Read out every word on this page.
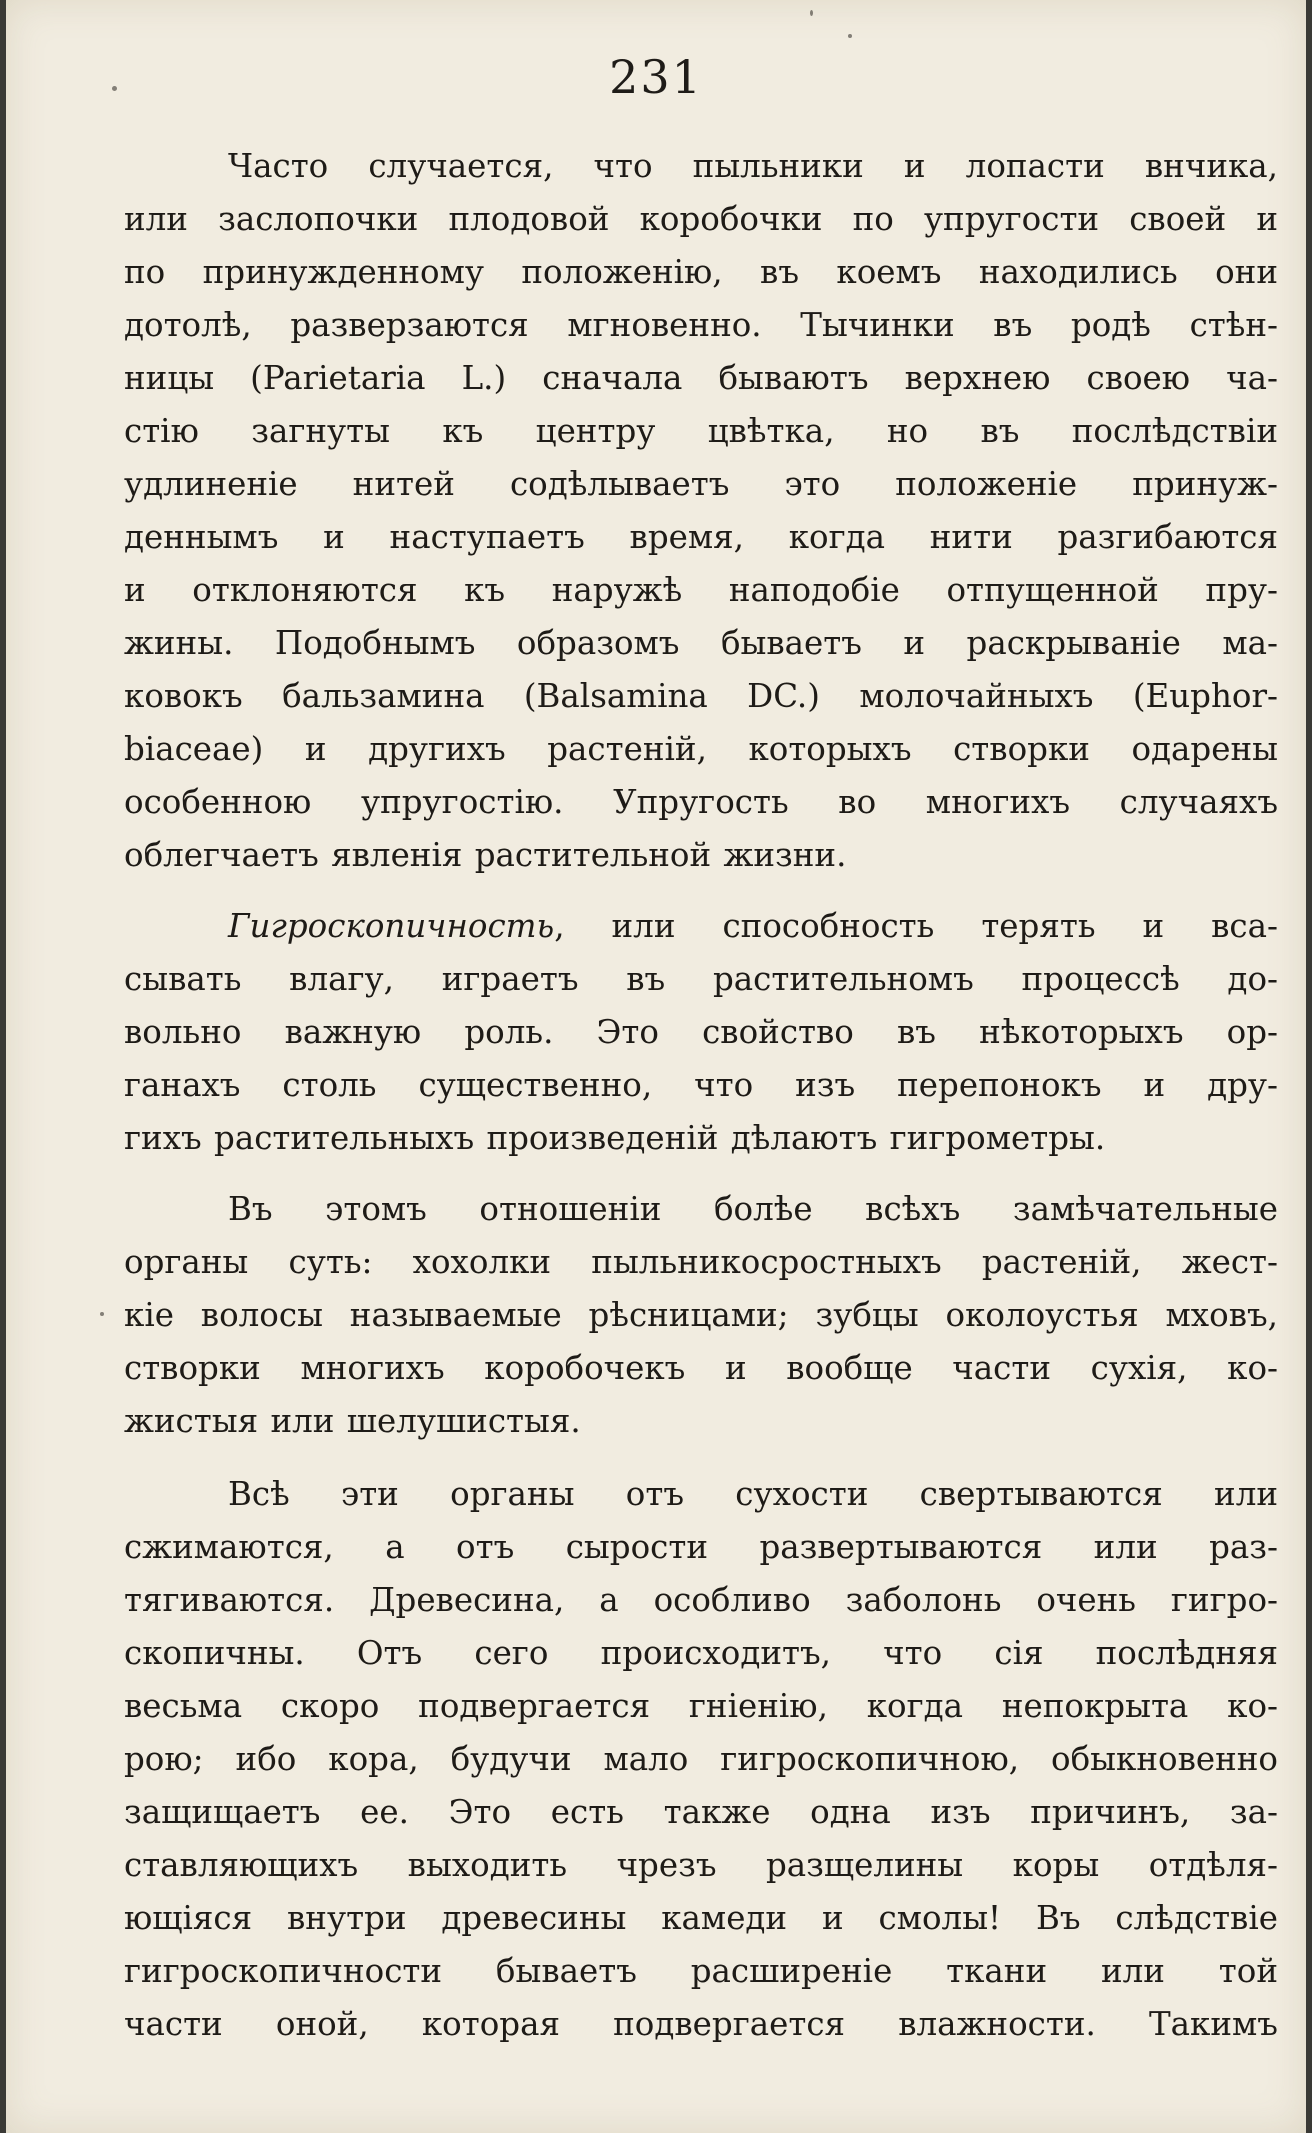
231

Часто случается, что пыльники и лопасти внчика,
или заслопочки плодовой коробочки по упругости своей и
по принужденному положенію, въ коемъ находились они
дотолѣ, разверзаются мгновенно. Тычинки въ родѣ стѣн-
ницы (Parietaria L.) сначала бываютъ верхнею своею ча-
стію загнуты къ центру цвѣтка, но въ послѣдствіи
удлиненіе нитей содѣлываетъ это положеніе принуж-
деннымъ и наступаетъ время, когда нити разгибаются
и отклоняются къ наружѣ наподобіе отпущенной пру-
жины. Подобнымъ образомъ бываетъ и раскрываніе ма-
ковокъ бальзамина (Balsamina DC.) молочайныхъ (Euphor-
biaceae) и другихъ растеній, которыхъ створки одарены
особенною упругостію. Упругость во многихъ случаяхъ
облегчаетъ явленія растительной жизни.

Гигроскопичность, или способность терять и вса-
сывать влагу, играетъ въ растительномъ процессѣ до-
вольно важную роль. Это свойство въ нѣкоторыхъ ор-
ганахъ столь существенно, что изъ перепонокъ и дру-
гихъ растительныхъ произведеній дѣлаютъ гигрометры.

Въ этомъ отношеніи болѣе всѣхъ замѣчательные
органы суть: хохолки пыльникосростныхъ растеній, жест-
кіе волосы называемые рѣсницами; зубцы околоустья мховъ,
створки многихъ коробочекъ и вообще части сухія, ко-
жистыя или шелушистыя.

Всѣ эти органы отъ сухости свертываются или
сжимаются, а отъ сырости развертываются или раз-
тягиваются. Древесина, а особливо заболонь очень гигро-
скопичны. Отъ сего происходитъ, что сія послѣдняя
весьма скоро подвергается гніенію, когда непокрыта ко-
рою; ибо кора, будучи мало гигроскопичною, обыкновенно
защищаетъ ее. Это есть также одна изъ причинъ, за-
ставляющихъ выходить чрезъ разщелины коры отдѣля-
ющіяся внутри древесины камеди и смолы! Въ слѣдствіе
гигроскопичности бываетъ расширеніе ткани или той
части оной, которая подвергается влажности. Такимъ
